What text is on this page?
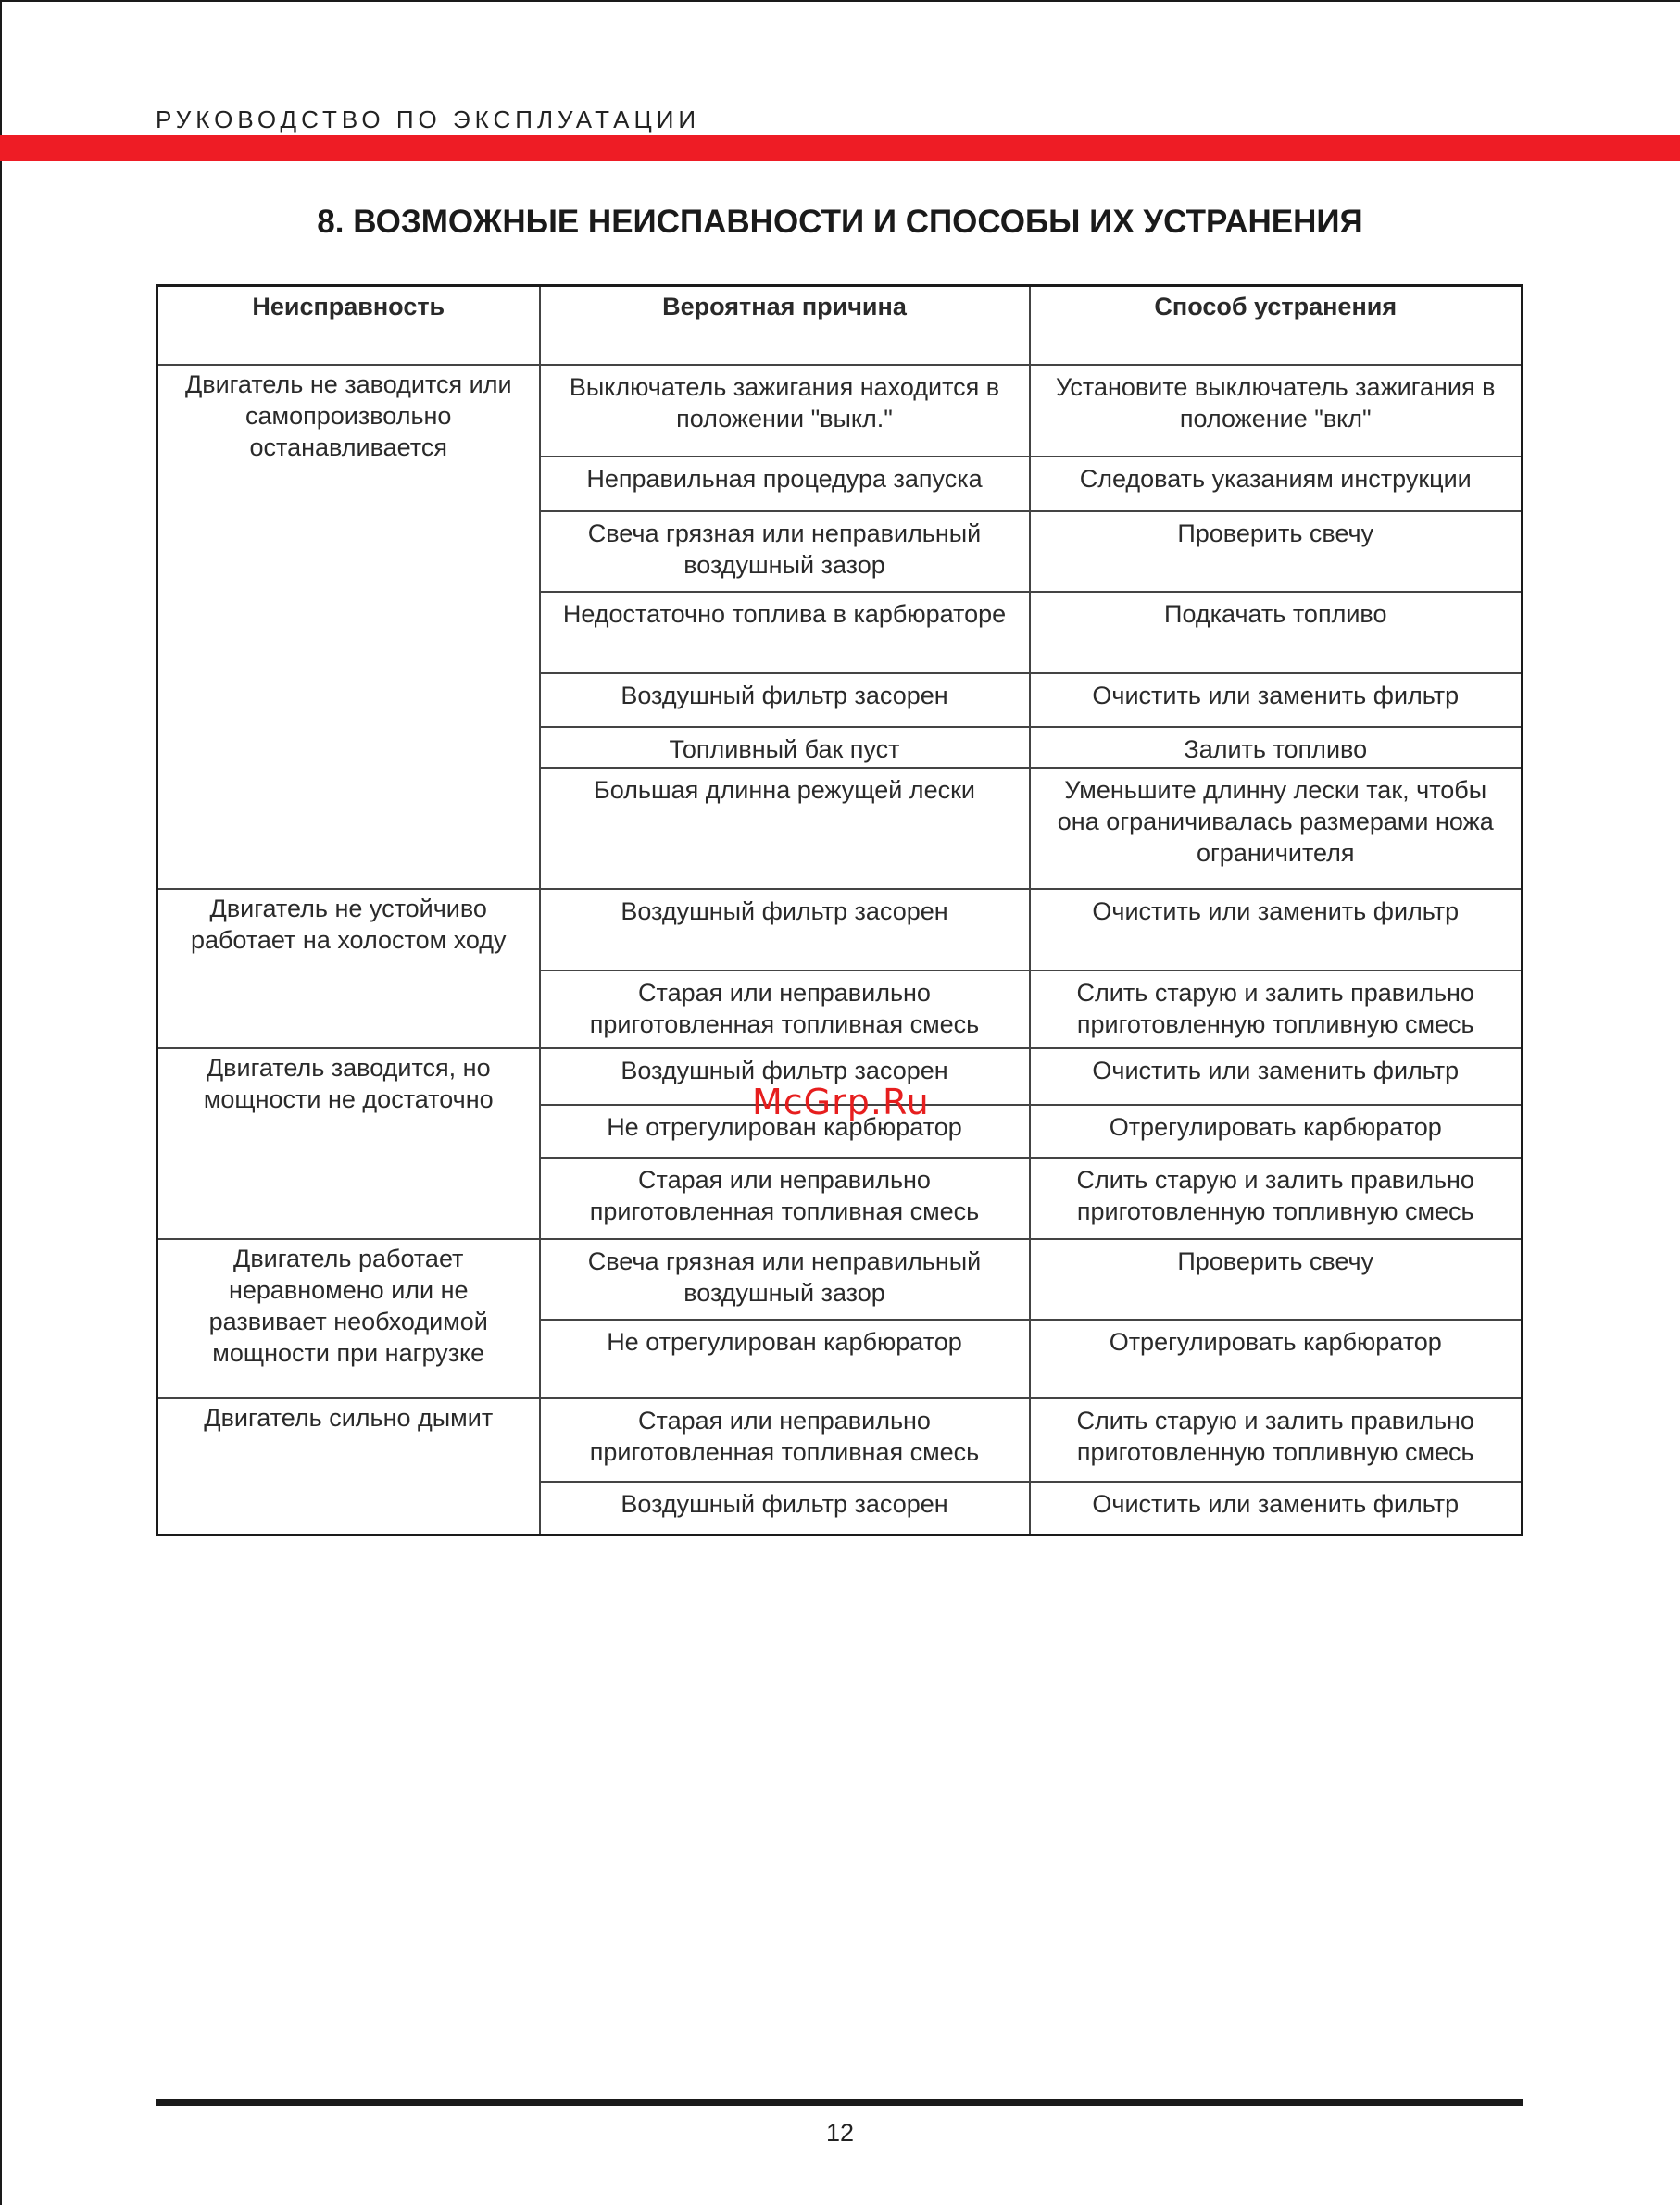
РУКОВОДСТВО ПО ЭКСПЛУАТАЦИИ
8. ВОЗМОЖНЫЕ НЕИСПАВНОСТИ И СПОСОБЫ ИХ УСТРАНЕНИЯ
Неисправность	Вероятная причина	Способ устранения
Двигатель не заводится или самопроизвольно останавливается	Выключатель зажигания находится в положении "выкл."	Установите выключатель зажигания в положение "вкл"
	Неправильная процедура запуска	Следовать указаниям инструкции
	Свеча грязная или неправильный воздушный зазор	Проверить свечу
	Недостаточно топлива в карбюраторе	Подкачать топливо
	Воздушный фильтр засорен	Очистить или заменить фильтр
	Топливный бак пуст	Залить топливо
	Большая длинна режущей лески	Уменьшите длинну лески так, чтобы она ограничивалась размерами ножа ограничителя
Двигатель не устойчиво работает на холостом ходу	Воздушный фильтр засорен	Очистить или заменить фильтр
	Старая или неправильно приготовленная топливная смесь	Слить старую и залить правильно приготовленную топливную смесь
Двигатель заводится, но мощности не достаточно	Воздушный фильтр засорен	Очистить или заменить фильтр
	Не отрегулирован карбюратор	Отрегулировать карбюратор
	Старая или неправильно приготовленная топливная смесь	Слить старую и залить правильно приготовленную топливную смесь
Двигатель работает неравномено или не развивает необходимой мощности при нагрузке	Свеча грязная или неправильный воздушный зазор	Проверить свечу
	Не отрегулирован карбюратор	Отрегулировать карбюратор
Двигатель сильно дымит	Старая или неправильно приготовленная топливная смесь	Слить старую и залить правильно приготовленную топливную смесь
	Воздушный фильтр засорен	Очистить или заменить фильтр
McGrp.Ru
12
